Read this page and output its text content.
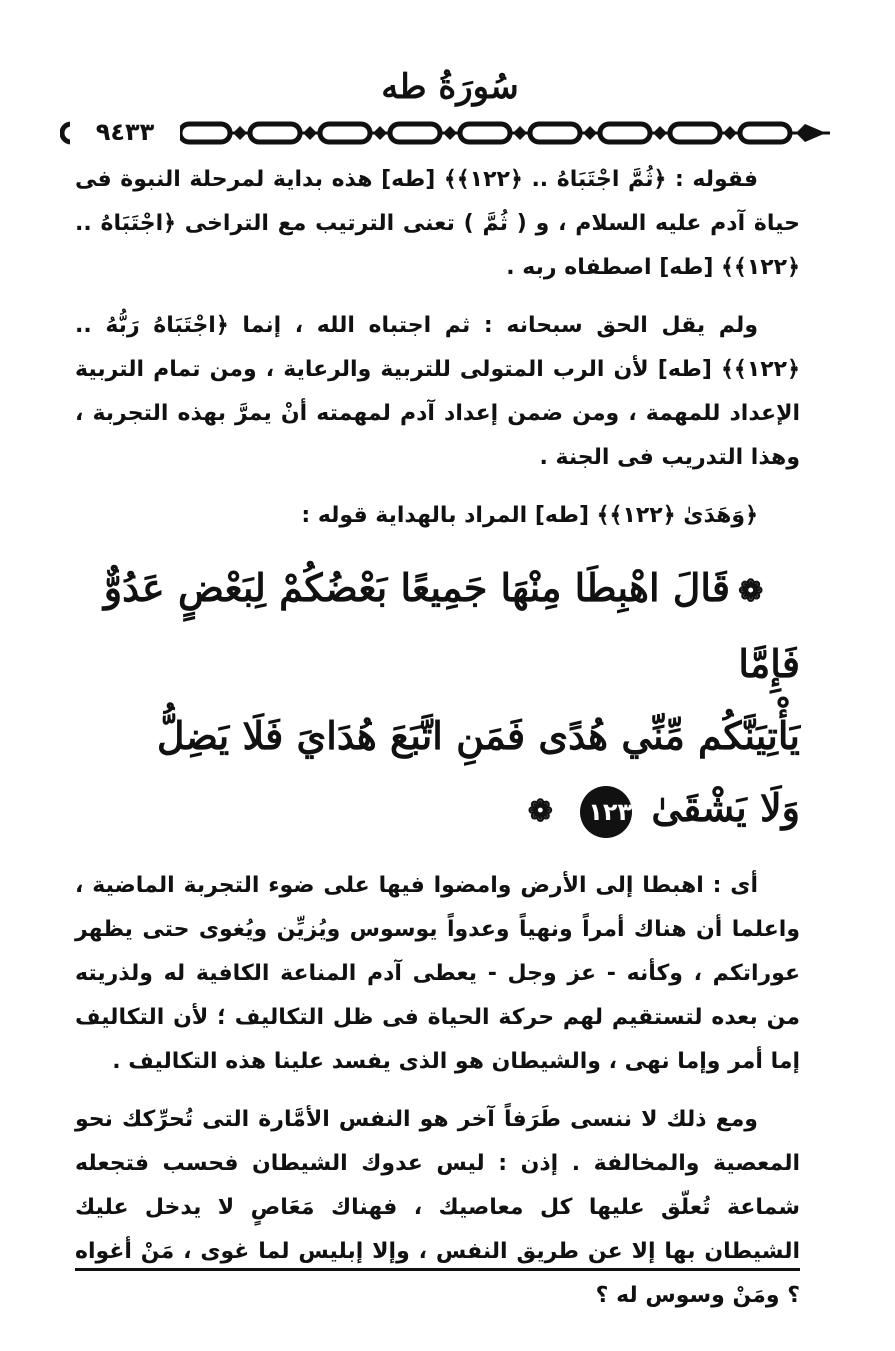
سُورَةُ طه
٩٤٣٣

فقوله : ﴿ثُمَّ اجْتَبَاهُ .. ﴿١٢٢﴾﴾ [طه] هذه بداية لمرحلة النبوة فى حياة آدم عليه السلام ، و ( ثُمَّ ) تعنى الترتيب مع التراخى ﴿اجْتَبَاهُ .. ﴿١٢٢﴾﴾ [طه] اصطفاه ربه .

ولم يقل الحق سبحانه : ثم اجتباه الله ، إنما ﴿اجْتَبَاهُ رَبُّهُ .. ﴿١٢٢﴾﴾ [طه] لأن الرب المتولى للتربية والرعاية ، ومن تمام التربية الإعداد للمهمة ، ومن ضمن إعداد آدم لمهمته أنْ يمرَّ بهذه التجربة ، وهذا التدريب فى الجنة .

﴿وَهَدَىٰ ﴿١٢٢﴾﴾ [طه] المراد بالهداية قوله :

❁قَالَ اهْبِطَا مِنْهَا جَمِيعًا بَعْضُكُمْ لِبَعْضٍ عَدُوٌّ فَإِمَّا
يَأْتِيَنَّكُم مِّنِّي هُدًى فَمَنِ اتَّبَعَ هُدَايَ فَلَا يَضِلُّ
وَلَا يَشْقَىٰ ١٢٣ ❁

أى : اهبطا إلى الأرض وامضوا فيها على ضوء التجربة الماضية ، واعلما أن هناك أمراً ونهياً وعدواً يوسوس ويُزيِّن ويُغوى حتى يظهر عوراتكم ، وكأنه - عز وجل - يعطى آدم المناعة الكافية له ولذريته من بعده لتستقيم لهم حركة الحياة فى ظل التكاليف ؛ لأن التكاليف إما أمر وإما نهى ، والشيطان هو الذى يفسد علينا هذه التكاليف .

ومع ذلك لا ننسى طَرَفاً آخر هو النفس الأمَّارة التى تُحرِّكك نحو المعصية والمخالفة . إذن : ليس عدوك الشيطان فحسب فتجعله شماعة تُعلّق عليها كل معاصيك ، فهناك مَعَاصٍ لا يدخل عليك الشيطان بها إلا عن طريق النفس ، وإلا إبليس لما غوى ، مَنْ أغواه ؟ ومَنْ وسوس له ؟
